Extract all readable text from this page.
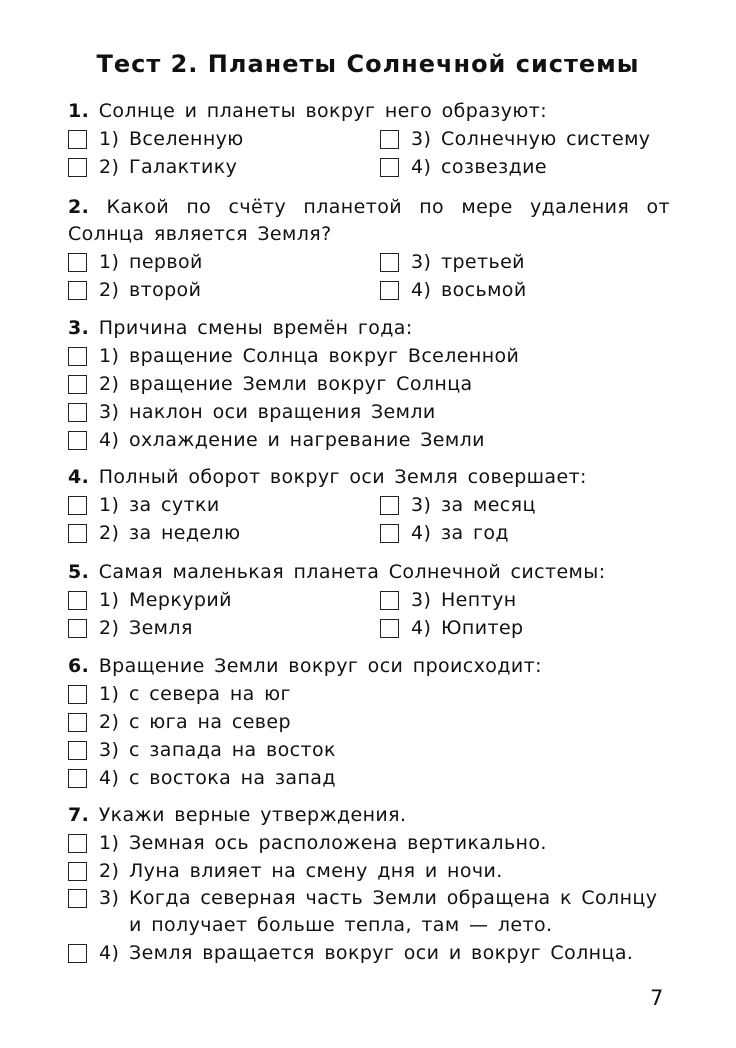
Тест 2. Планеты Солнечной системы
1. Солнце и планеты вокруг него образуют:
1) Вселенную
2) Галактику
3) Солнечную систему
4) созвездие
2. Какой по счёту планетой по мере удаления от Солнца является Земля?
1) первой
2) второй
3) третьей
4) восьмой
3. Причина смены времён года:
1) вращение Солнца вокруг Вселенной
2) вращение Земли вокруг Солнца
3) наклон оси вращения Земли
4) охлаждение и нагревание Земли
4. Полный оборот вокруг оси Земля совершает:
1) за сутки
2) за неделю
3) за месяц
4) за год
5. Самая маленькая планета Солнечной системы:
1) Меркурий
2) Земля
3) Нептун
4) Юпитер
6. Вращение Земли вокруг оси происходит:
1) с севера на юг
2) с юга на север
3) с запада на восток
4) с востока на запад
7. Укажи верные утверждения.
1) Земная ось расположена вертикально.
2) Луна влияет на смену дня и ночи.
3) Когда северная часть Земли обращена к Солнцу и получает больше тепла, там — лето.
4) Земля вращается вокруг оси и вокруг Солнца.
7
